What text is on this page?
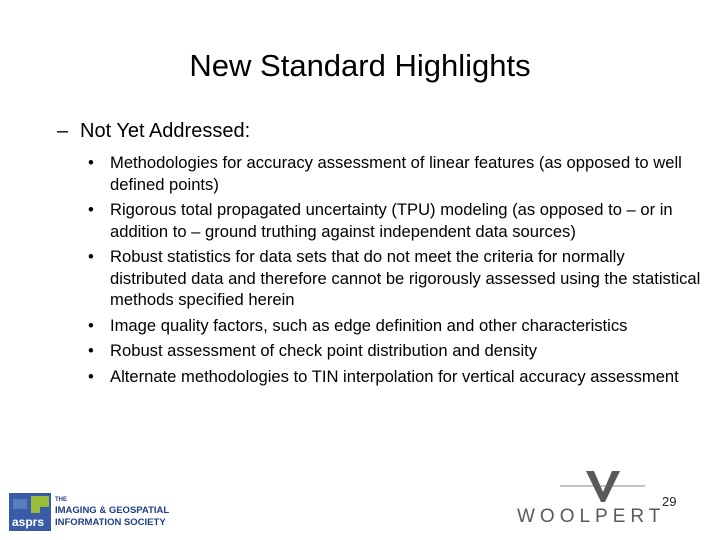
New Standard Highlights
– Not Yet Addressed:
• Methodologies for accuracy assessment of linear features (as opposed to well defined points)
• Rigorous total propagated uncertainty (TPU) modeling (as opposed to – or in addition to – ground truthing against independent data sources)
• Robust statistics for data sets that do not meet the criteria for normally distributed data and therefore cannot be rigorously assessed using the statistical methods specified herein
• Image quality factors, such as edge definition and other characteristics
• Robust assessment of check point distribution and density
• Alternate methodologies to TIN interpolation for vertical accuracy assessment
asprs
THE
IMAGING & GEOSPATIAL
INFORMATION SOCIETY	WOOLPERT
29
